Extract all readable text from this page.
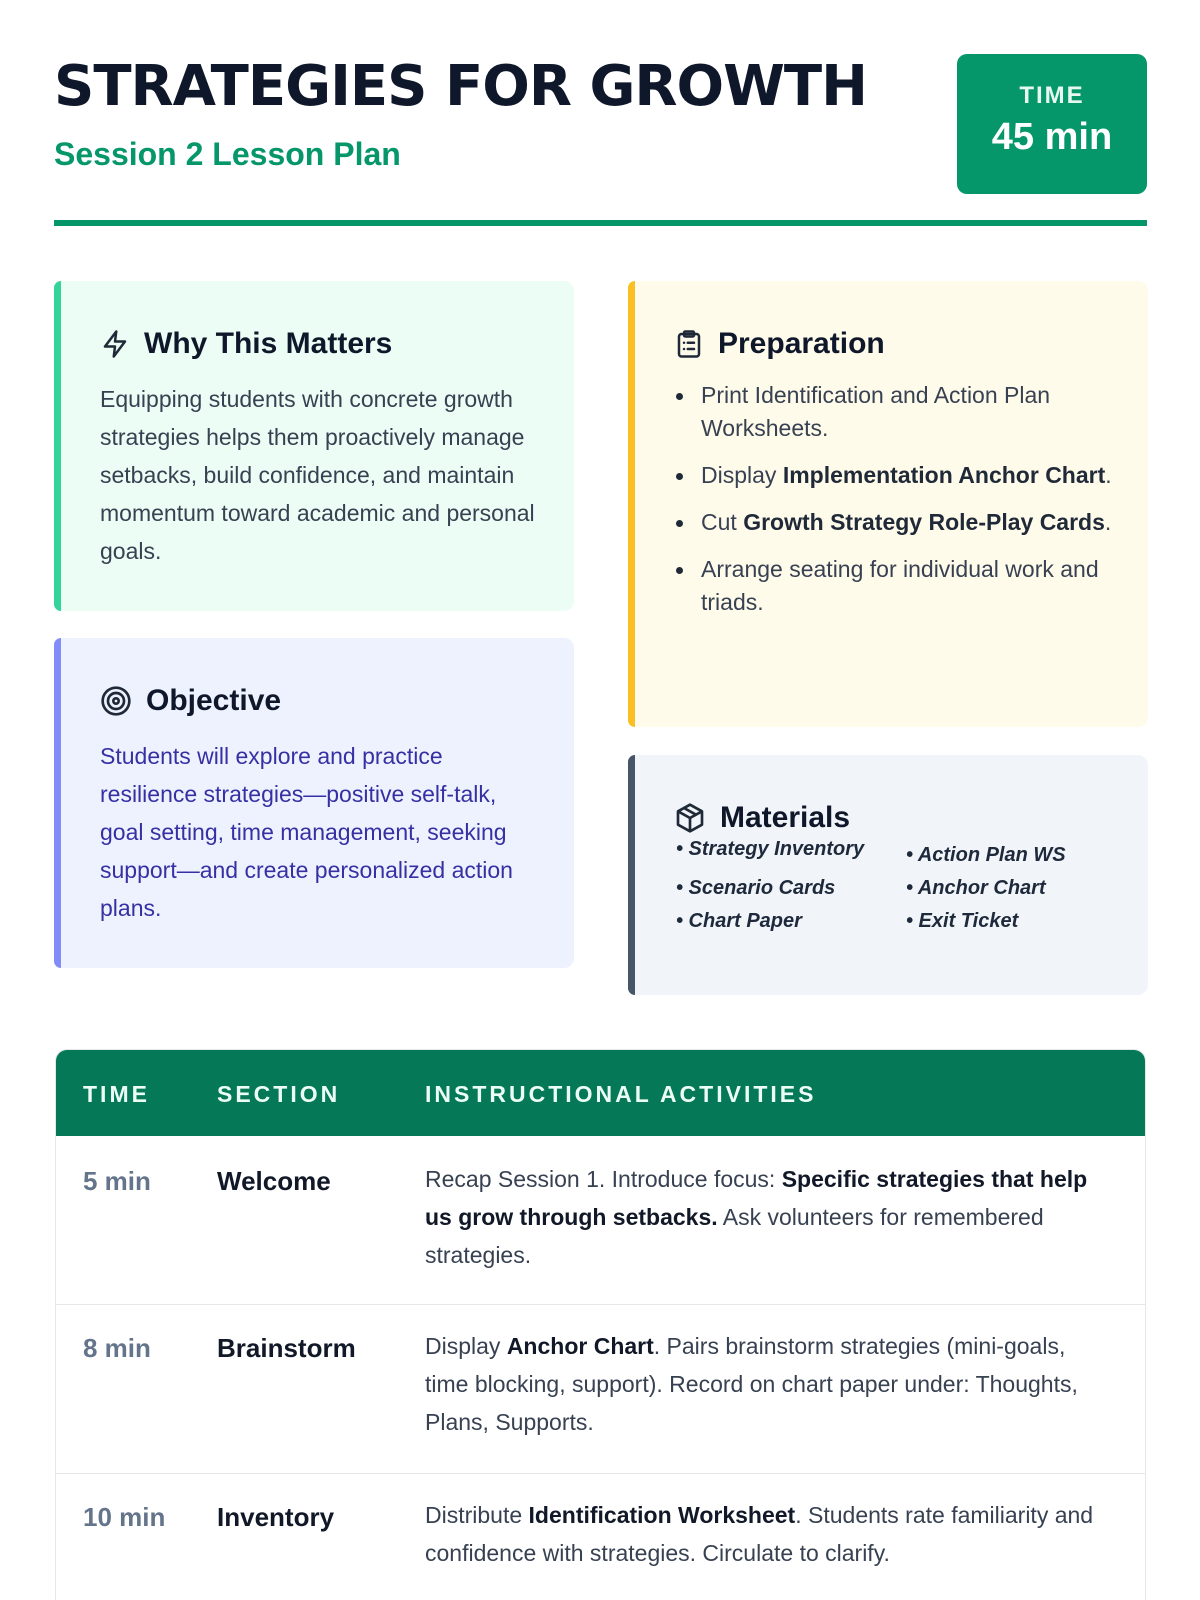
STRATEGIES FOR GROWTH
Session 2 Lesson Plan
TIME
45 min
Why This Matters
Equipping students with concrete growth strategies helps them proactively manage setbacks, build confidence, and maintain momentum toward academic and personal goals.
Objective
Students will explore and practice resilience strategies—positive self-talk, goal setting, time management, seeking support—and create personalized action plans.
Preparation
Print Identification and Action Plan Worksheets.
Display Implementation Anchor Chart.
Cut Growth Strategy Role-Play Cards.
Arrange seating for individual work and triads.
Materials
• Strategy Inventory
• Scenario Cards
• Chart Paper
• Action Plan WS
• Anchor Chart
• Exit Ticket
TIME	SECTION	INSTRUCTIONAL ACTIVITIES
5 min	Welcome	Recap Session 1. Introduce focus: Specific strategies that help us grow through setbacks. Ask volunteers for remembered strategies.
8 min	Brainstorm	Display Anchor Chart. Pairs brainstorm strategies (mini-goals, time blocking, support). Record on chart paper under: Thoughts, Plans, Supports.
10 min	Inventory	Distribute Identification Worksheet. Students rate familiarity and confidence with strategies. Circulate to clarify.
